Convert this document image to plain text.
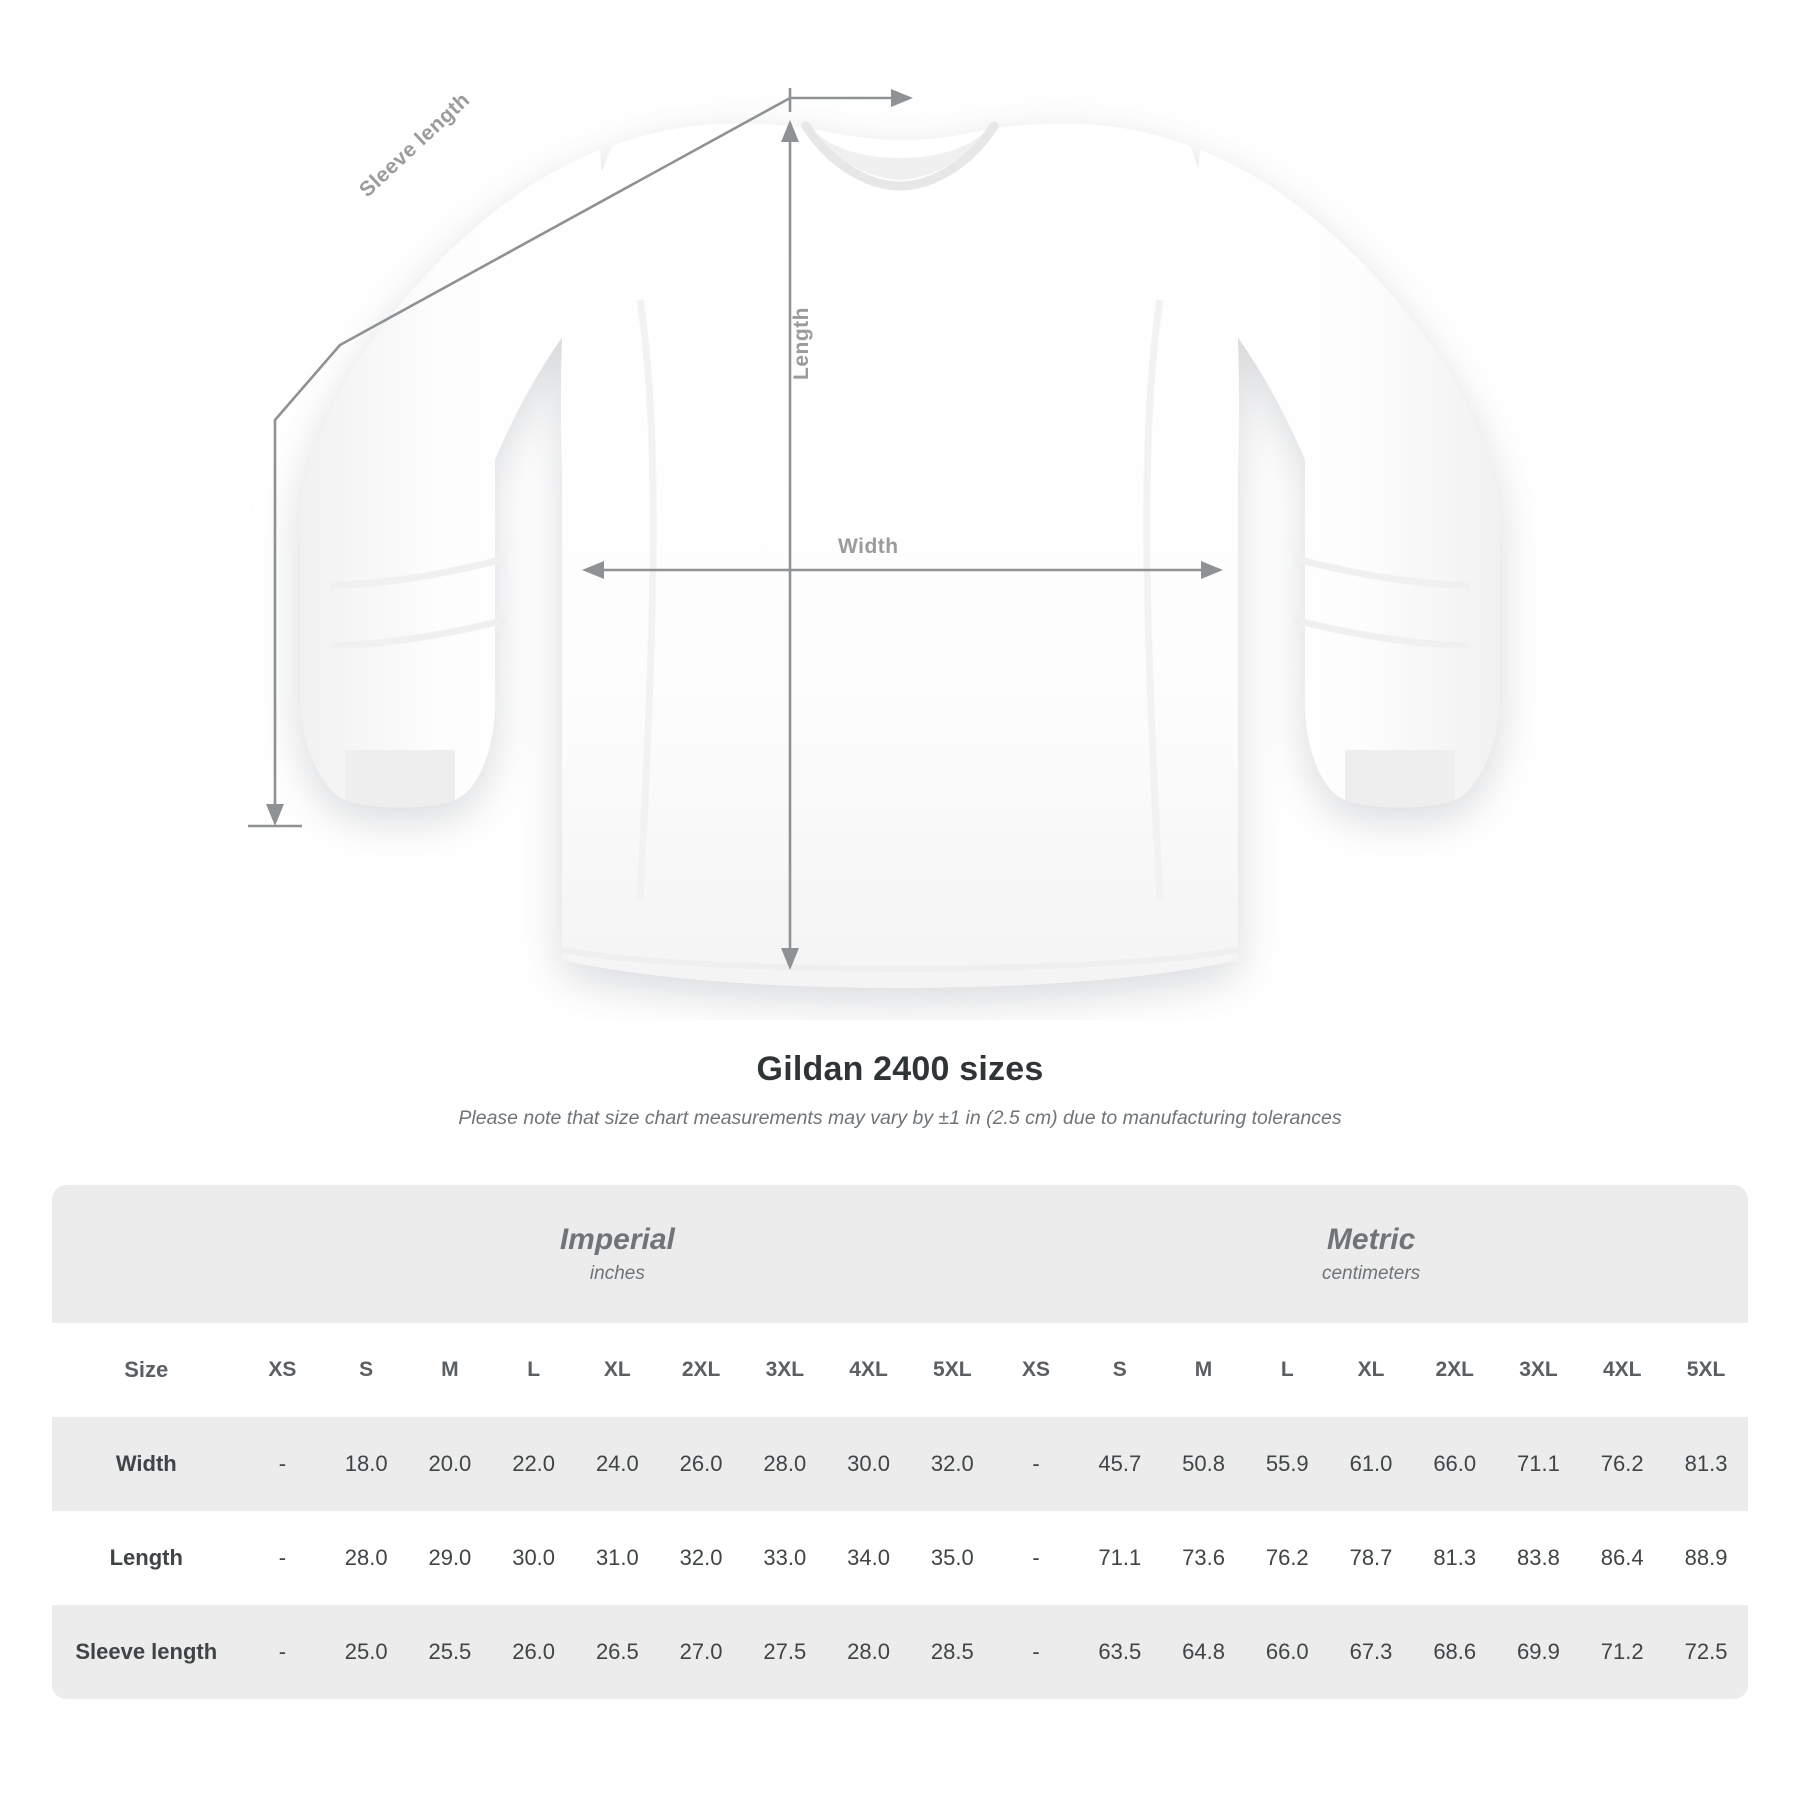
Length
Width
Sleeve length
Gildan 2400 sizes

Please note that size chart measurements may vary by ±1 in (2.5 cm) due to manufacturing tolerances

	Imperial
inches									Metric
centimeters								

Size	XS	S	M	L	XL	2XL	3XL	4XL	5XL	XS	S	M	L	XL	2XL	3XL	4XL	5XL
Width	-	18.0	20.0	22.0	24.0	26.0	28.0	30.0	32.0	-	45.7	50.8	55.9	61.0	66.0	71.1	76.2	81.3
Length	-	28.0	29.0	30.0	31.0	32.0	33.0	34.0	35.0	-	71.1	73.6	76.2	78.7	81.3	83.8	86.4	88.9
Sleeve length	-	25.0	25.5	26.0	26.5	27.0	27.5	28.0	28.5	-	63.5	64.8	66.0	67.3	68.6	69.9	71.2	72.5
